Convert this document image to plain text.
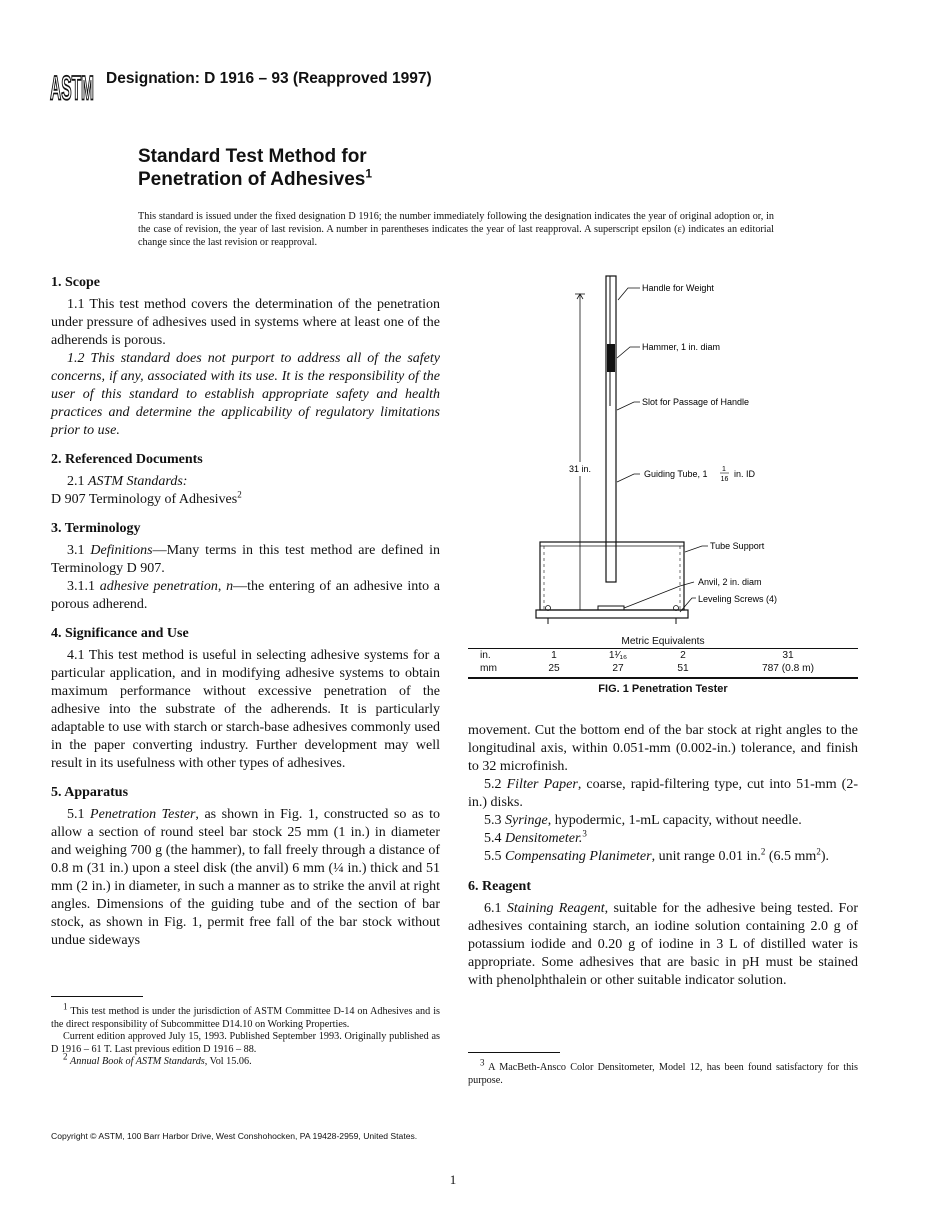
ASTM Designation: D 1916 – 93 (Reapproved 1997)
Standard Test Method for
Penetration of Adhesives$^1$
This standard is issued under the fixed designation D 1916; the number immediately following the designation indicates the year of original adoption or, in the case of revision, the year of last revision. A number in parentheses indicates the year of last reapproval. A superscript epsilon (ε) indicates an editorial change since the last revision or reapproval.
1. Scope

1.1 This test method covers the determination of the penetration under pressure of adhesives used in systems where at least one of the adherends is porous.

1.2 This standard does not purport to address all of the safety concerns, if any, associated with its use. It is the responsibility of the user of this standard to establish appropriate safety and health practices and determine the applicability of regulatory limitations prior to use.

2. Referenced Documents

2.1 ASTM Standards:

D 907 Terminology of Adhesives$^2$

3. Terminology

3.1 Definitions—Many terms in this test method are defined in Terminology D 907.

3.1.1 adhesive penetration, n—the entering of an adhesive into a porous adherend.

4. Significance and Use

4.1 This test method is useful in selecting adhesive systems for a particular application, and in modifying adhesive systems to obtain maximum performance without excessive penetration of the adhesive into the substrate of the adherends. It is particularly adaptable to use with starch or starch-base adhesives commonly used in the paper converting industry. Further development may well result in its usefulness with other types of adhesives.

5. Apparatus

5.1 Penetration Tester, as shown in Fig. 1, constructed so as to allow a section of round steel bar stock 25 mm (1 in.) in diameter and weighing 700 g (the hammer), to fall freely through a distance of 0.8 m (31 in.) upon a steel disk (the anvil) 6 mm (¼ in.) thick and 51 mm (2 in.) in diameter, in such a manner as to strike the anvil at right angles. Dimensions of the guiding tube and of the section of bar stock, as shown in Fig. 1, permit free fall of the bar stock without undue sideways

$^1$ This test method is under the jurisdiction of ASTM Committee D-14 on Adhesives and is the direct responsibility of Subcommittee D14.10 on Working Properties.

Current edition approved July 15, 1993. Published September 1993. Originally published as D 1916 – 61 T. Last previous edition D 1916 – 88.

$^2$ Annual Book of ASTM Standards, Vol 15.06.

31 in.
Handle for Weight
Hammer, 1 in. diam
Slot for Passage of Handle
Guiding Tube, 1 1
16
in. ID
Tube Support
Anvil, 2 in. diam
Leveling Screws (4)
Metric Equivalents
in.	1	1¹⁄₁₆	2	31
mm	25	27	51	787 (0.8 m)
FIG. 1 Penetration Tester

movement. Cut the bottom end of the bar stock at right angles to the longitudinal axis, within 0.051-mm (0.002-in.) tolerance, and finish to 32 microfinish.

5.2 Filter Paper, coarse, rapid-filtering type, cut into 51-mm (2-in.) disks.

5.3 Syringe, hypodermic, 1-mL capacity, without needle.

5.4 Densitometer.$^3$

5.5 Compensating Planimeter, unit range 0.01 in.$^2$ (6.5 $mm^2$).

6. Reagent

6.1 Staining Reagent, suitable for the adhesive being tested. For adhesives containing starch, an iodine solution containing 2.0 g of potassium iodide and 0.20 g of iodine in 3 L of distilled water is appropriate. Some adhesives that are basic in pH must be stained with phenolphthalein or other suitable indicator solution.

$^3$ A MacBeth-Ansco Color Densitometer, Model 12, has been found satisfactory for this purpose.

Copyright © ASTM, 100 Barr Harbor Drive, West Conshohocken, PA 19428-2959, United States.
1
